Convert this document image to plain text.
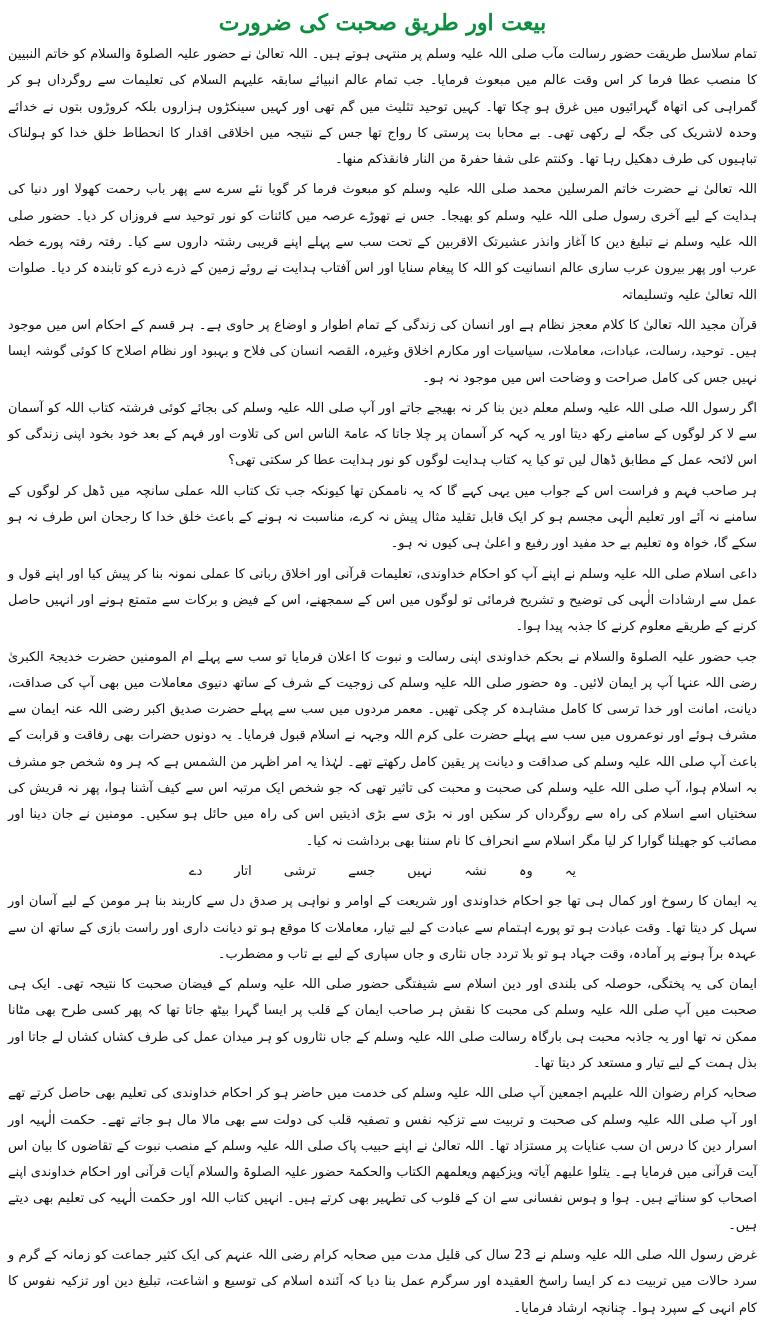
بیعت اور طریق صحبت کی ضرورت

تمام سلاسل طریقت حضور رسالت مآب صلی اللہ علیہ وسلم پر منتہی ہوتے ہیں۔ اللہ تعالیٰ نے حضور علیہ الصلوۃ والسلام کو خاتم النبیین کا منصب عطا فرما کر اس وقت عالم میں مبعوث فرمایا۔ جب تمام عالم انبیائے سابقہ علیہم السلام کی تعلیمات سے روگرداں ہو کر گمراہی کی اتھاہ گہرائیوں میں غرق ہو چکا تھا۔ کہیں توحید تثلیث میں گم تھی اور کہیں سینکڑوں ہزاروں بلکہ کروڑوں بتوں نے خدائے وحدہ لاشریک کی جگہ لے رکھی تھی۔ بے محابا بت پرستی کا رواج تھا جس کے نتیجہ میں اخلاقی اقدار کا انحطاط خلق خدا کو ہولناک تباہیوں کی طرف دھکیل رہا تھا۔ وکنتم علی شفا حفرۃ من النار فانقذکم منھا۔

اللہ تعالیٰ نے حضرت خاتم المرسلین محمد صلی اللہ علیہ وسلم کو مبعوث فرما کر گویا نئے سرے سے پھر باب رحمت کھولا اور دنیا کی ہدایت کے لیے آخری رسول صلی اللہ علیہ وسلم کو بھیجا۔ جس نے تھوڑے عرصہ میں کائنات کو نور توحید سے فروزاں کر دیا۔ حضور صلی اللہ علیہ وسلم نے تبلیغ دین کا آغاز وانذر عشیرتک الاقربین کے تحت سب سے پہلے اپنے قریبی رشتہ داروں سے کیا۔ رفتہ رفتہ پورے خطہ عرب اور پھر بیرون عرب ساری عالم انسانیت کو اللہ کا پیغام سنایا اور اس آفتاب ہدایت نے روئے زمین کے ذرے ذرے کو تابندہ کر دیا۔ صلوات اللہ تعالیٰ علیہ وتسلیماتہ

قرآن مجید اللہ تعالیٰ کا کلام معجز نظام ہے اور انسان کی زندگی کے تمام اطوار و اوضاع پر حاوی ہے۔ ہر قسم کے احکام اس میں موجود ہیں۔ توحید، رسالت، عبادات، معاملات، سیاسیات اور مکارم اخلاق وغیرہ، القصہ انسان کی فلاح و بہبود اور نظام اصلاح کا کوئی گوشہ ایسا نہیں جس کی کامل صراحت و وضاحت اس میں موجود نہ ہو۔

اگر رسول اللہ صلی اللہ علیہ وسلم معلم دین بنا کر نہ بھیجے جاتے اور آپ صلی اللہ علیہ وسلم کی بجائے کوئی فرشتہ کتاب اللہ کو آسمان سے لا کر لوگوں کے سامنے رکھ دیتا اور یہ کہہ کر آسمان پر چلا جاتا کہ عامۃ الناس اس کی تلاوت اور فہم کے بعد خود بخود اپنی زندگی کو اس لائحہ عمل کے مطابق ڈھال لیں تو کیا یہ کتاب ہدایت لوگوں کو نور ہدایت عطا کر سکتی تھی؟

ہر صاحب فہم و فراست اس کے جواب میں یہی کہے گا کہ یہ ناممکن تھا کیونکہ جب تک کتاب اللہ عملی سانچہ میں ڈھل کر لوگوں کے سامنے نہ آئے اور تعلیم الٰہی مجسم ہو کر ایک قابل تقلید مثال پیش نہ کرے، مناسبت نہ ہونے کے باعث خلق خدا کا رجحان اس طرف نہ ہو سکے گا، خواہ وہ تعلیم بے حد مفید اور رفیع و اعلیٰ ہی کیوں نہ ہو۔

داعی اسلام صلی اللہ علیہ وسلم نے اپنے آپ کو احکام خداوندی، تعلیمات قرآنی اور اخلاق ربانی کا عملی نمونہ بنا کر پیش کیا اور اپنے قول و عمل سے ارشادات الٰہی کی توضیح و تشریح فرمائی تو لوگوں میں اس کے سمجھنے، اس کے فیض و برکات سے متمتع ہونے اور انہیں حاصل کرنے کے طریقے معلوم کرنے کا جذبہ پیدا ہوا۔

جب حضور علیہ الصلوۃ والسلام نے بحکم خداوندی اپنی رسالت و نبوت کا اعلان فرمایا تو سب سے پہلے ام المومنین حضرت خدیجۃ الکبریٰ رضی اللہ عنہا آپ پر ایمان لائیں۔ وہ حضور صلی اللہ علیہ وسلم کی زوجیت کے شرف کے ساتھ دنیوی معاملات میں بھی آپ کی صداقت، دیانت، امانت اور خدا ترسی کا کامل مشاہدہ کر چکی تھیں۔ معمر مردوں میں سب سے پہلے حضرت صدیق اکبر رضی اللہ عنہ ایمان سے مشرف ہوئے اور نوعمروں میں سب سے پہلے حضرت علی کرم اللہ وجہہ نے اسلام قبول فرمایا۔ یہ دونوں حضرات بھی رفاقت و قرابت کے باعث آپ صلی اللہ علیہ وسلم کی صداقت و دیانت پر یقین کامل رکھتے تھے۔ لہٰذا یہ امر اظہر من الشمس ہے کہ ہر وہ شخص جو مشرف بہ اسلام ہوا، آپ صلی اللہ علیہ وسلم کی صحبت و محبت کی تاثیر تھی کہ جو شخص ایک مرتبہ اس سے کیف آشنا ہوا، پھر نہ قریش کی سختیاں اسے اسلام کی راہ سے روگرداں کر سکیں اور نہ بڑی سے بڑی اذیتیں اس کی راہ میں حائل ہو سکیں۔ مومنین نے جان دینا اور مصائب کو جھیلنا گوارا کر لیا مگر اسلام سے انحراف کا نام سننا بھی برداشت نہ کیا۔

یہ وہ نشہ نہیں جسے ترشی اتار دے

یہ ایمان کا رسوخ اور کمال ہی تھا جو احکام خداوندی اور شریعت کے اوامر و نواہی پر صدق دل سے کاربند بنا ہر مومن کے لیے آسان اور سہل کر دیتا تھا۔ وقت عبادت ہو تو پورے اہتمام سے عبادت کے لیے تیار، معاملات کا موقع ہو تو دیانت داری اور راست بازی کے ساتھ ان سے عہدہ برآ ہونے پر آمادہ، وقت جہاد ہو تو بلا تردد جاں نثاری و جاں سپاری کے لیے بے تاب و مضطرب۔

ایمان کی یہ پختگی، حوصلہ کی بلندی اور دین اسلام سے شیفتگی حضور صلی اللہ علیہ وسلم کے فیضان صحبت کا نتیجہ تھی۔ ایک ہی صحبت میں آپ صلی اللہ علیہ وسلم کی محبت کا نقش ہر صاحب ایمان کے قلب پر ایسا گہرا بیٹھ جاتا تھا کہ پھر کسی طرح بھی مٹانا ممکن نہ تھا اور یہ جاذبہ محبت ہی بارگاہ رسالت صلی اللہ علیہ وسلم کے جاں نثاروں کو ہر میدان عمل کی طرف کشاں کشاں لے جاتا اور بذل ہمت کے لیے تیار و مستعد کر دیتا تھا۔

صحابہ کرام رضوان اللہ علیہم اجمعین آپ صلی اللہ علیہ وسلم کی خدمت میں حاضر ہو کر احکام خداوندی کی تعلیم بھی حاصل کرتے تھے اور آپ صلی اللہ علیہ وسلم کی صحبت و تربیت سے تزکیہ نفس و تصفیہ قلب کی دولت سے بھی مالا مال ہو جاتے تھے۔ حکمت الٰہیہ اور اسرار دین کا درس ان سب عنایات پر مستزاد تھا۔ اللہ تعالیٰ نے اپنے حبیب پاک صلی اللہ علیہ وسلم کے منصب نبوت کے تقاضوں کا بیان اس آیت قرآنی میں فرمایا ہے۔ یتلوا علیھم آیاتہ ویزکیھم ویعلمھم الکتاب والحکمۃ حضور علیہ الصلوۃ والسلام آیات قرآنی اور احکام خداوندی اپنے اصحاب کو سناتے ہیں۔ ہوا و ہوس نفسانی سے ان کے قلوب کی تطہیر بھی کرتے ہیں۔ انہیں کتاب اللہ اور حکمت الٰہیہ کی تعلیم بھی دیتے ہیں۔

غرض رسول اللہ صلی اللہ علیہ وسلم نے 23 سال کی قلیل مدت میں صحابہ کرام رضی اللہ عنہم کی ایک کثیر جماعت کو زمانہ کے گرم و سرد حالات میں تربیت دے کر ایسا راسخ العقیدہ اور سرگرم عمل بنا دیا کہ آئندہ اسلام کی توسیع و اشاعت، تبلیغ دین اور تزکیہ نفوس کا کام انہی کے سپرد ہوا۔ چنانچہ ارشاد فرمایا۔
